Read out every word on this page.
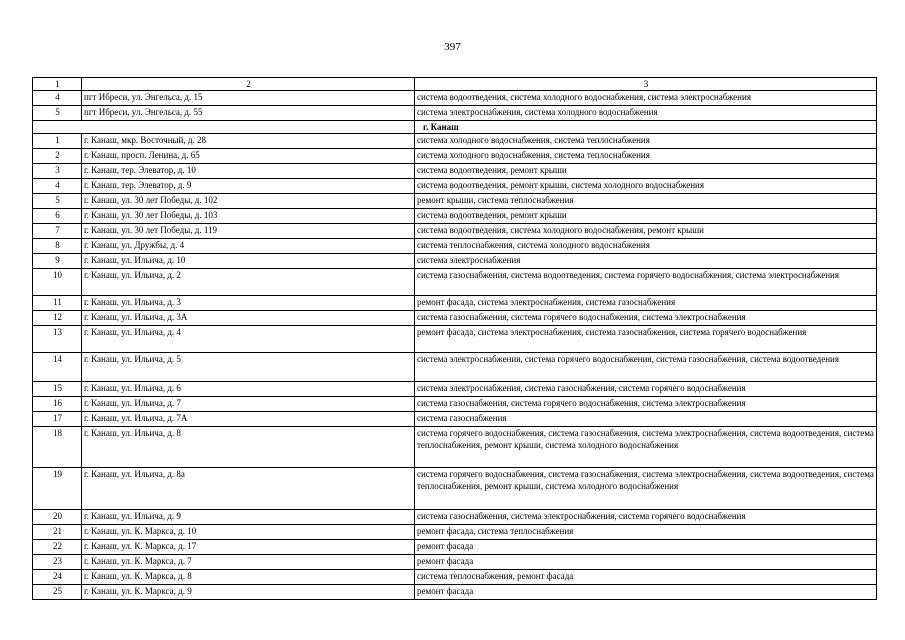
397
1	2	3
4	пгт Ибреси, ул. Энгельса, д. 15	система водоотведения, система холодного водоснабжения, система электроснабжения
5	пгт Ибреси, ул. Энгельса, д. 55	система электроснабжения, система холодного водоснабжения
		г. Канаш
1	г. Канаш, мкр. Восточный, д. 28	система холодного водоснабжения, система теплоснабжения
2	г. Канаш, просп. Ленина, д. 65	система холодного водоснабжения, система теплоснабжения
3	г. Канаш, тер. Элеватор, д. 10	система водоотведения, ремонт крыши
4	г. Канаш, тер. Элеватор, д. 9	система водоотведения, ремонт крыши, система холодного водоснабжения
5	г. Канаш, ул. 30 лет Победы, д. 102	ремонт крыши, система теплоснабжения
6	г. Канаш, ул. 30 лет Победы, д. 103	система водоотведения, ремонт крыши
7	г. Канаш, ул. 30 лет Победы, д. 119	система водоотведения, система холодного водоснабжения, ремонт крыши
8	г. Канаш, ул. Дружбы, д. 4	система теплоснабжения, система холодного водоснабжения
9	г. Канаш, ул. Ильича, д. 10	система электроснабжения
10	г. Канаш, ул. Ильича, д. 2	система газоснабжения, система водоотведения, система горячего водоснабжения, система электроснабжения
11	г. Канаш, ул. Ильича, д. 3	ремонт фасада, система электроснабжения, система газоснабжения
12	г. Канаш, ул. Ильича, д. 3А	система газоснабжения, система горячего водоснабжения, система электроснабжения
13	г. Канаш, ул. Ильича, д. 4	ремонт фасада, система электроснабжения, система газоснабжения, система горячего водоснабжения
14	г. Канаш, ул. Ильича, д. 5	система электроснабжения, система горячего водоснабжения, система газоснабжения, система водоотведения
15	г. Канаш, ул. Ильича, д. 6	система электроснабжения, система газоснабжения, система горячего водоснабжения
16	г. Канаш, ул. Ильича, д. 7	система газоснабжения, система горячего водоснабжения, система электроснабжения
17	г. Канаш, ул. Ильича, д. 7А	система газоснабжения
18	г. Канаш, ул. Ильича, д. 8	система горячего водоснабжения, система газоснабжения, система электроснабжения, система водоотведения, система теплоснабжения, ремонт крыши, система холодного водоснабжения
19	г. Канаш, ул. Ильича, д. 8а	система горячего водоснабжения, система газоснабжения, система электроснабжения, система водоотведения, система теплоснабжения, ремонт крыши, система холодного водоснабжения
20	г. Канаш, ул. Ильича, д. 9	система газоснабжения, система электроснабжения, система горячего водоснабжения
21	г. Канаш, ул. К. Маркса, д. 10	ремонт фасада, система теплоснабжения
22	г. Канаш, ул. К. Маркса, д. 17	ремонт фасада
23	г. Канаш, ул. К. Маркса, д. 7	ремонт фасада
24	г. Канаш, ул. К. Маркса, д. 8	система теплоснабжения, ремонт фасада
25	г. Канаш, ул. К. Маркса, д. 9	ремонт фасада
